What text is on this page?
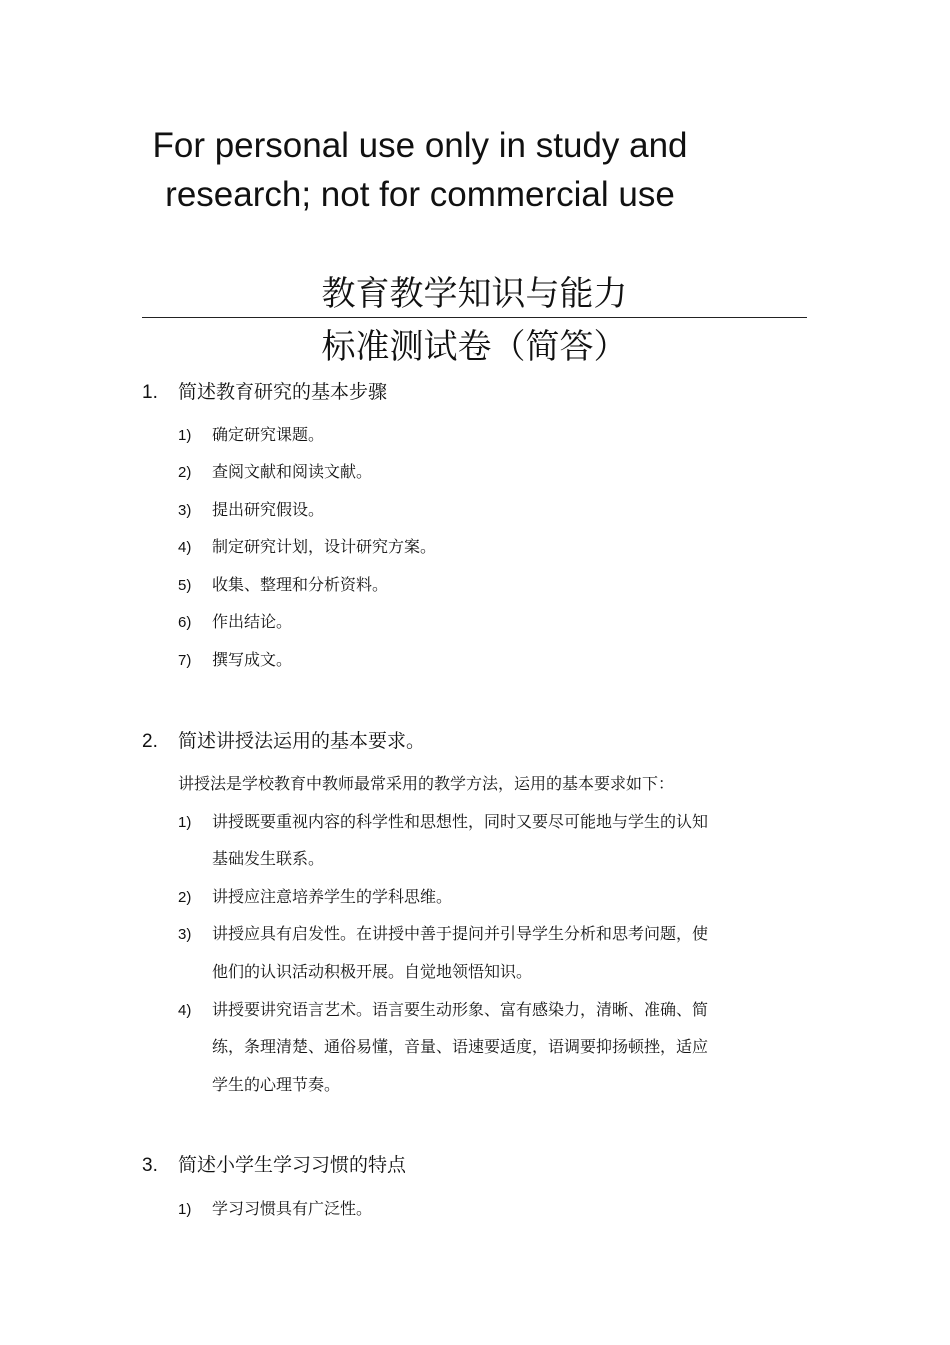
For personal use only in study and
research; not for commercial use
教育教学知识与能力
标准测试卷（简答）
1. 简述教育研究的基本步骤
1) 确定研究课题。
2) 查阅文献和阅读文献。
3) 提出研究假设。
4) 制定研究计划，设计研究方案。
5) 收集、整理和分析资料。
6) 作出结论。
7) 撰写成文。
2. 简述讲授法运用的基本要求。
讲授法是学校教育中教师最常采用的教学方法，运用的基本要求如下：
1) 讲授既要重视内容的科学性和思想性，同时又要尽可能地与学生的认知
基础发生联系。
2) 讲授应注意培养学生的学科思维。
3) 讲授应具有启发性。在讲授中善于提问并引导学生分析和思考问题，使
他们的认识活动积极开展。自觉地领悟知识。
4) 讲授要讲究语言艺术。语言要生动形象、富有感染力，清晰、准确、简
练，条理清楚、通俗易懂，音量、语速要适度，语调要抑扬顿挫，适应
学生的心理节奏。
3. 简述小学生学习习惯的特点
1) 学习习惯具有广泛性。
